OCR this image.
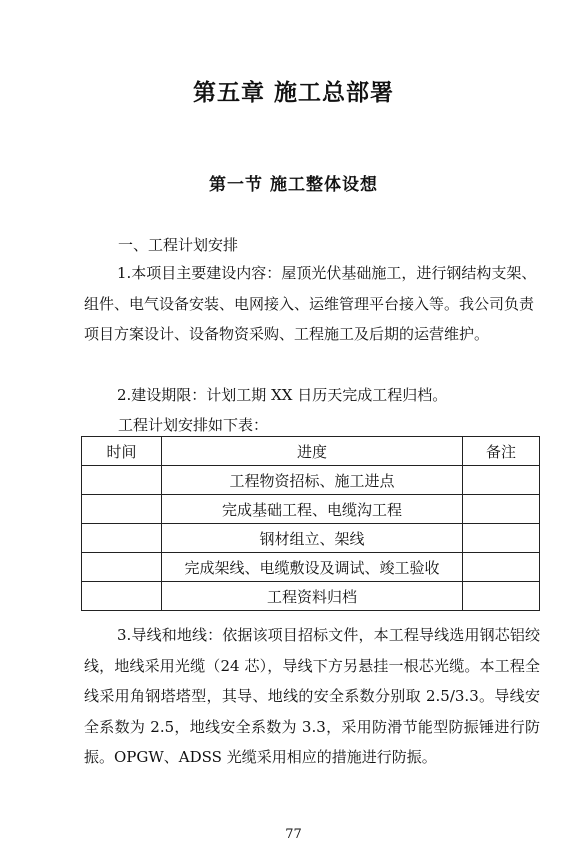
第五章 施工总部署
第一节 施工整体设想

一、工程计划安排

1.本项目主要建设内容：屋顶光伏基础施工，进行钢结构支架、组件、电气设备安装、电网接入、运维管理平台接入等。我公司负责项目方案设计、设备物资采购、工程施工及后期的运营维护。

2.建设期限：计划工期 XX 日历天完成工程归档。

工程计划安排如下表：

时间	进度	备注
	工程物资招标、施工进点	
	完成基础工程、电缆沟工程	
	钢材组立、架线	
	完成架线、电缆敷设及调试、竣工验收	
	工程资料归档	

3.导线和地线：依据该项目招标文件，本工程导线选用钢芯铝绞线，地线采用光缆（24 芯），导线下方另悬挂一根芯光缆。本工程全线采用角钢塔塔型，其导、地线的安全系数分别取 2.5/3.3。导线安全系数为 2.5，地线安全系数为 3.3，采用防滑节能型防振锤进行防振。OPGW、ADSS 光缆采用相应的措施进行防振。

77
